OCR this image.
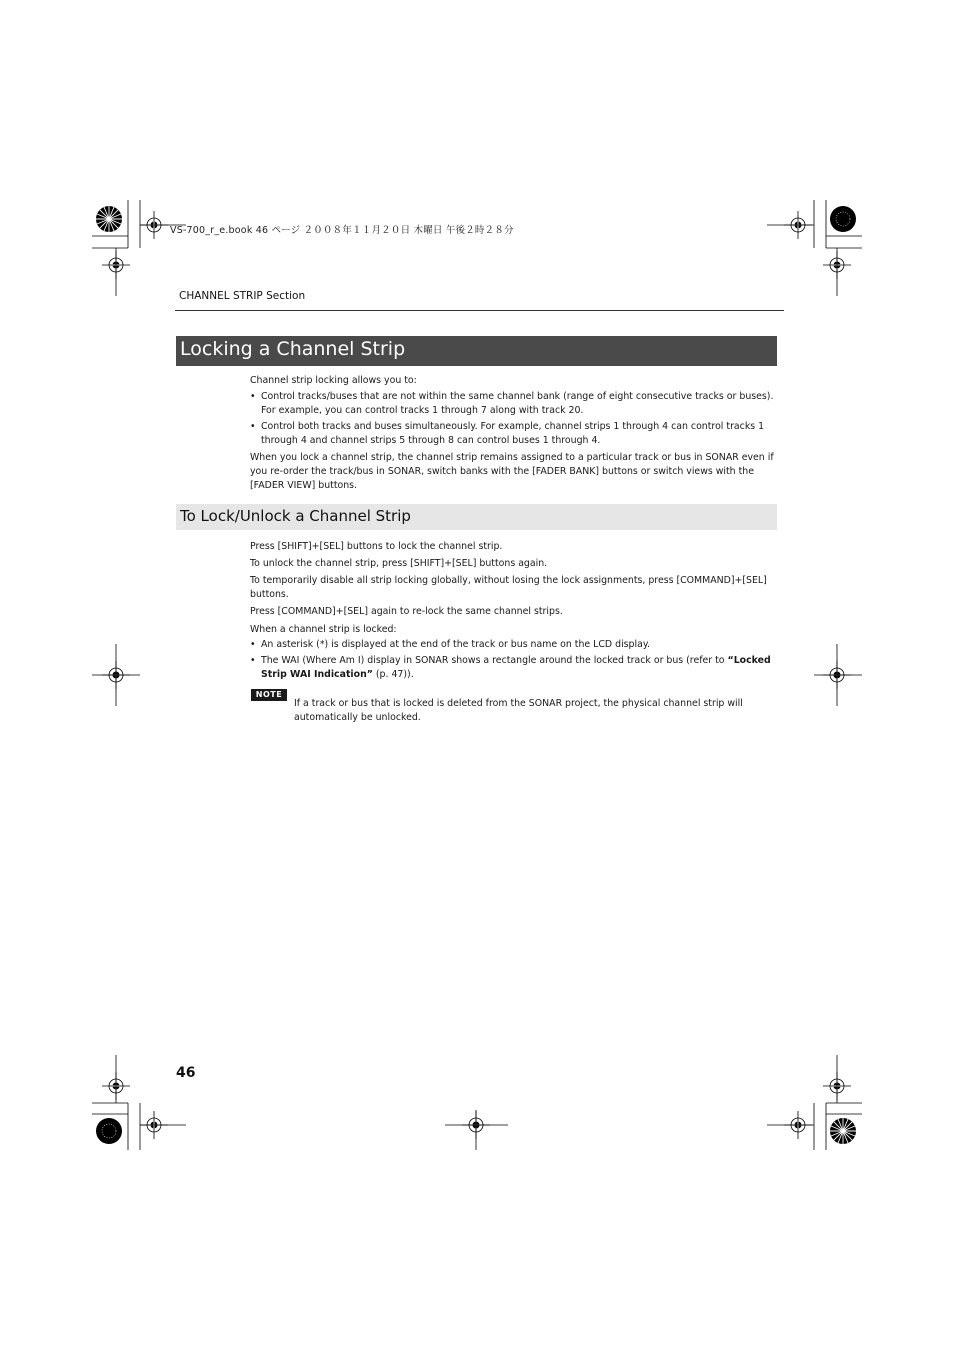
VS-700_r_e.book 46 ページ ２００８年１１月２０日 木曜日 午後２時２８分
CHANNEL STRIP Section
Locking a Channel Strip

Channel strip locking allows you to:

• Control tracks/buses that are not within the same channel bank (range of eight consecutive tracks or buses). For example, you can control tracks 1 through 7 along with track 20.
• Control both tracks and buses simultaneously. For example, channel strips 1 through 4 can control tracks 1 through 4 and channel strips 5 through 8 can control buses 1 through 4.

When you lock a channel strip, the channel strip remains assigned to a particular track or bus in SONAR even if you re-order the track/bus in SONAR, switch banks with the [FADER BANK] buttons or switch views with the [FADER VIEW] buttons.

To Lock/Unlock a Channel Strip

Press [SHIFT]+[SEL] buttons to lock the channel strip.

To unlock the channel strip, press [SHIFT]+[SEL] buttons again.

To temporarily disable all strip locking globally, without losing the lock assignments, press [COMMAND]+[SEL] buttons.

Press [COMMAND]+[SEL] again to re-lock the same channel strips.

When a channel strip is locked:

• An asterisk (*) is displayed at the end of the track or bus name on the LCD display.
• The WAI (Where Am I) display in SONAR shows a rectangle around the locked track or bus (refer to “Locked Strip WAI Indication” (p. 47)).
NOTE
If a track or bus that is locked is deleted from the SONAR project, the physical channel strip will automatically be unlocked.
46
